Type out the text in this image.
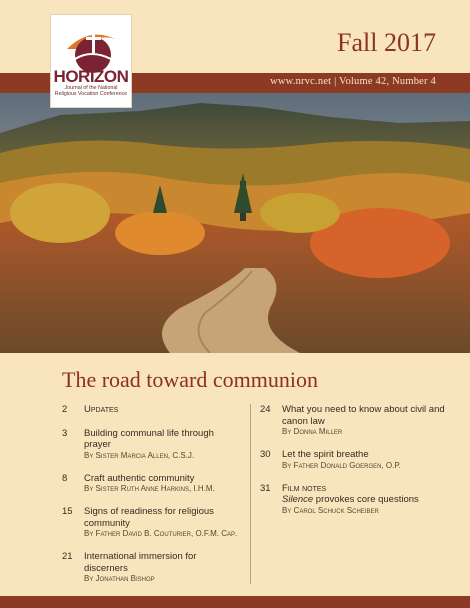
www.nrvc.net | Volume 42, Number 4
HORIZON
Journal of the National Religious Vocation Conference
Fall 2017
The road toward communion
2 Updates
3 Building communal life through prayer
By Sister Marcia Allen, C.S.J.
8 Craft authentic community
By Sister Ruth Anne Harkins, I.H.M.
15 Signs of readiness for religious community
By Father David B. Couturier, O.F.M. Cap.
21 International immersion for discerners
By Jonathan Bishop
24 What you need to know about civil and canon law
By Donna Miller
30 Let the spirit breathe
By Father Donald Goergen, O.P.
31 Film notes
Silence provokes core questions
By Carol Schuck Scheiber
